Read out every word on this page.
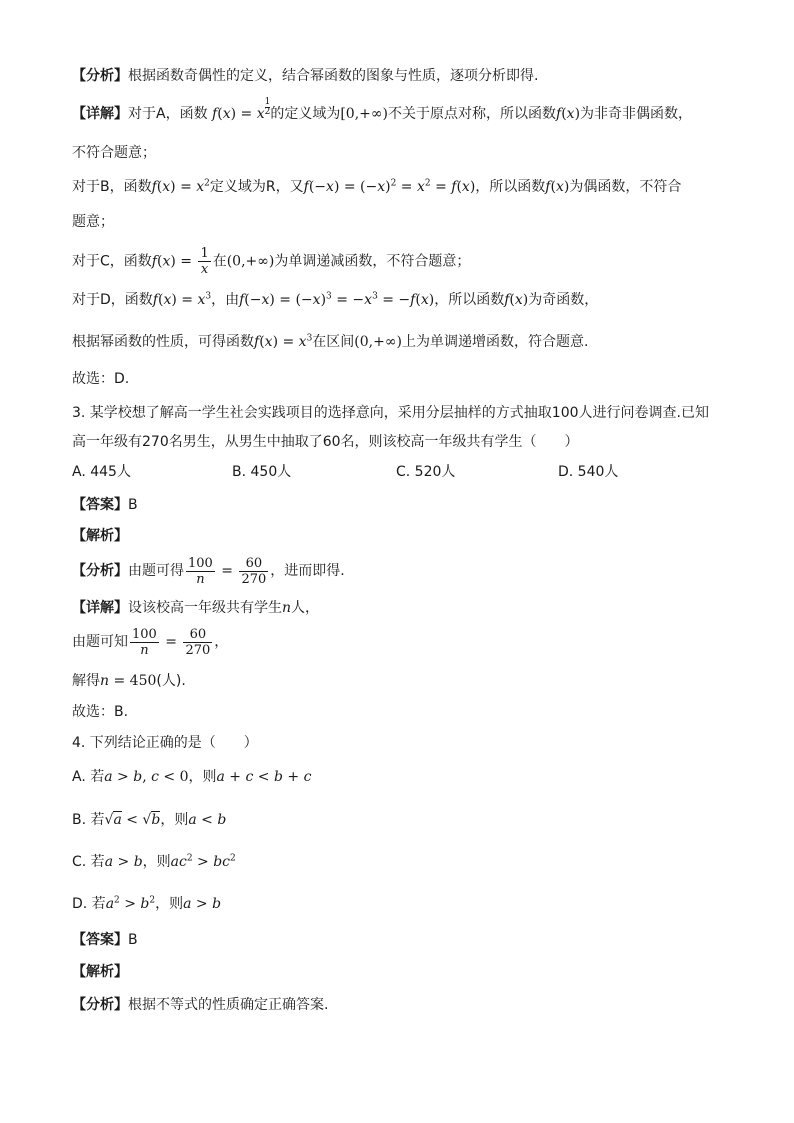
【分析】根据函数奇偶性的定义，结合幂函数的图象与性质，逐项分析即得.
【详解】对于A，函数 f(x) = x $^{\frac{1}{2}}$ 的定义域为[0,+∞)不关于原点对称，所以函数f(x)为非奇非偶函数，
不符合题意；
对于B，函数$f(x) = x^2$定义域为R，又$f(-x) = (-x)^2 = x^2 = f(x)$，所以函数f(x)为偶函数，不符合
题意；
对于C，函数$f(x) = \frac{1}{x}$ 在(0,+∞)为单调递减函数，不符合题意；
对于D，函数$f(x) = x^3$，由$f(-x) = (-x)^3 = -x^3 = -f(x)$，所以函数f(x)为奇函数，
根据幂函数的性质，可得函数$f(x) = x^3$在区间(0,+∞)上为单调递增函数，符合题意.
故选：D.
3. 某学校想了解高一学生社会实践项目的选择意向，采用分层抽样的方式抽取100人进行问卷调查.已知
高一年级有270名男生，从男生中抽取了60名，则该校高一年级共有学生（　　）
A. 445人	B. 450人	C. 520人	D. 540人
【答案】B
【解析】
【分析】由题可得 $\frac{100}{n} = \frac{60}{270}$ ，进而即得.
【详解】设该校高一年级共有学生n人，
由题可知 $\frac{100}{n} = \frac{60}{270}$ ，
解得n = 450(人).
故选：B.
4. 下列结论正确的是（　　）
A. 若a > b, c < 0，则a + c < b + c
B. 若√a < √b，则a < b
C. 若a > b，则$ac^2 > bc^2$
D. 若$a^2 > b^2$，则a > b
【答案】B
【解析】
【分析】根据不等式的性质确定正确答案.
